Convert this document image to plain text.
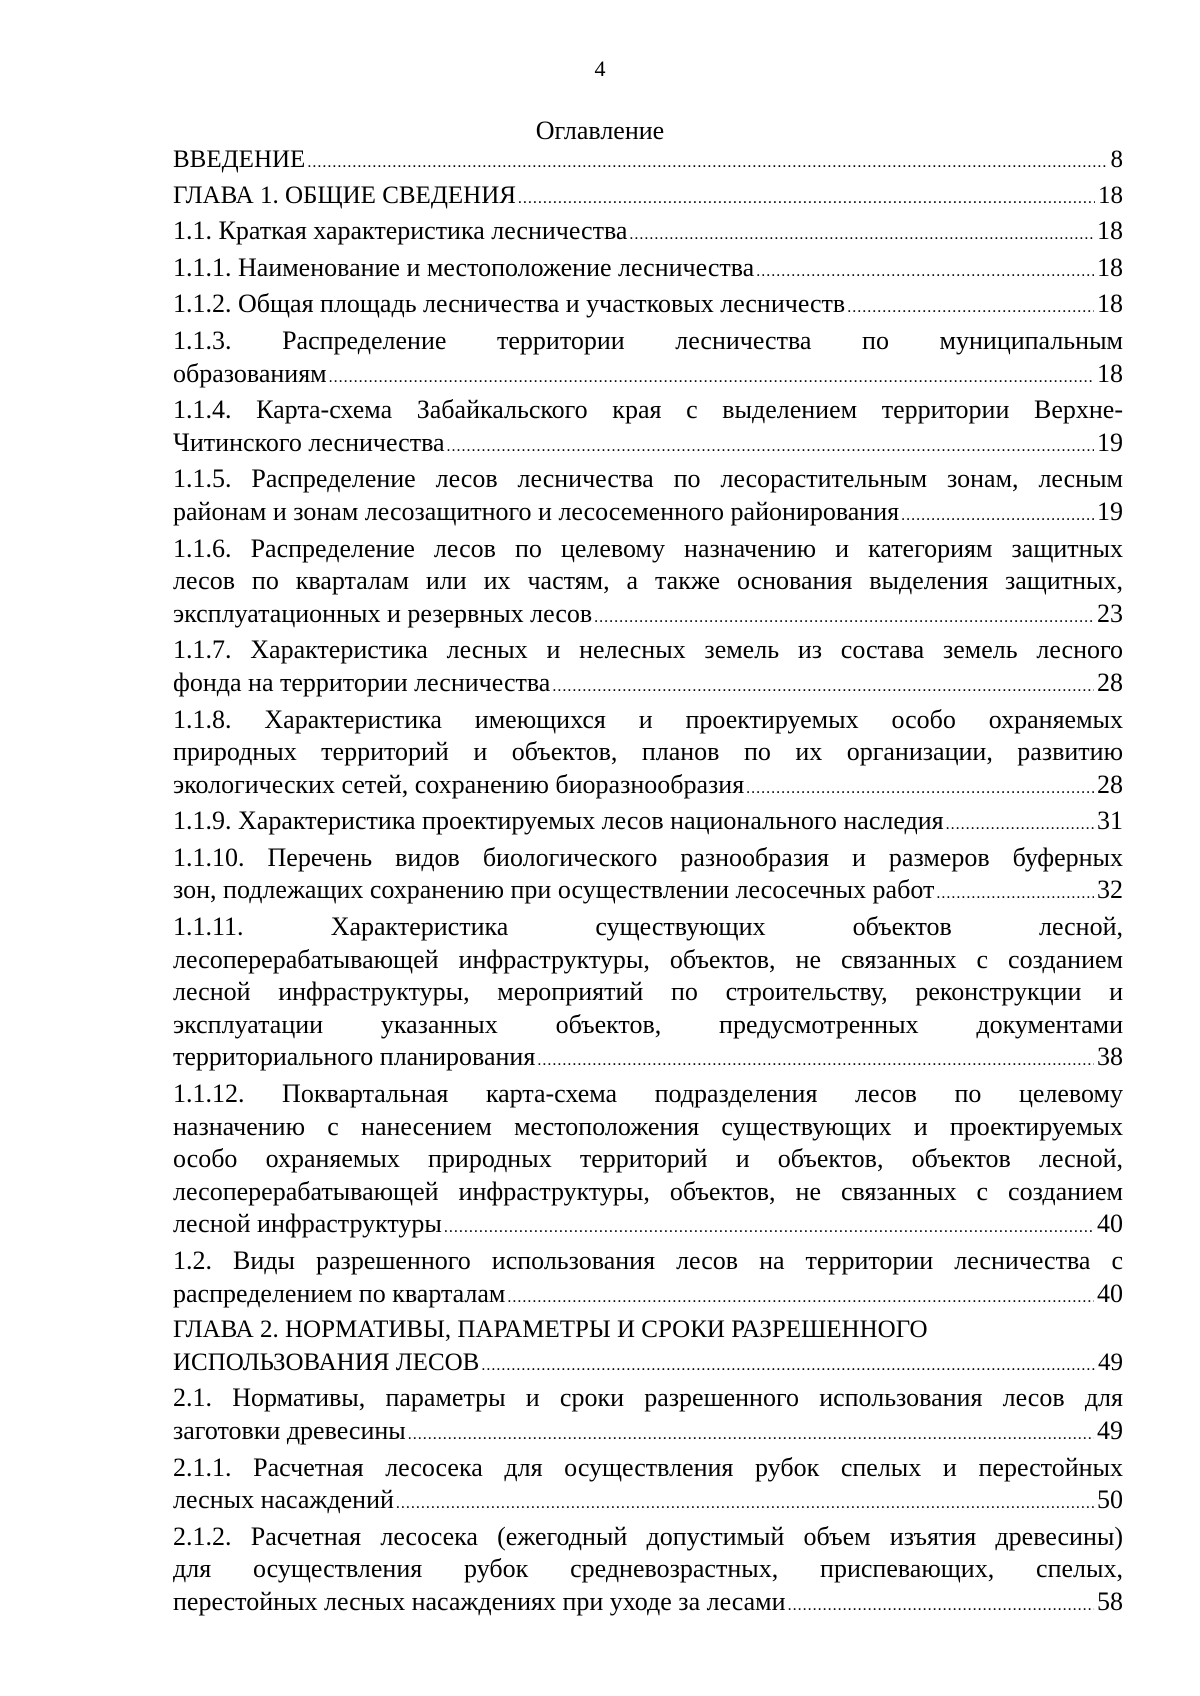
4
Оглавление
ВВЕДЕНИЕ .....	8
ГЛАВА 1. ОБЩИЕ СВЕДЕНИЯ .....	18
1.1. Краткая характеристика лесничества .....	18
1.1.1. Наименование и местоположение лесничества .....	18
1.1.2. Общая площадь лесничества и участковых лесничеств .....	18
1.1.3. Распределение территории лесничества по муниципальным
образованиям .....	18
1.1.4. Карта-схема Забайкальского края с выделением территории Верхне-
Читинского лесничества .....	19
1.1.5. Распределение лесов лесничества по лесорастительным зонам, лесным
районам и зонам лесозащитного и лесосеменного районирования .....	19
1.1.6. Распределение лесов по целевому назначению и категориям защитных
лесов по кварталам или их частям, а также основания выделения защитных,
эксплуатационных и резервных лесов .....	23
1.1.7. Характеристика лесных и нелесных земель из состава земель лесного
фонда на территории лесничества .....	28
1.1.8. Характеристика имеющихся и проектируемых особо охраняемых
природных территорий и объектов, планов по их организации, развитию
экологических сетей, сохранению биоразнообразия .....	28
1.1.9. Характеристика проектируемых лесов национального наследия .....	31
1.1.10. Перечень видов биологического разнообразия и размеров буферных
зон, подлежащих сохранению при осуществлении лесосечных работ .....	32
1.1.11. Характеристика существующих объектов лесной,
лесоперерабатывающей инфраструктуры, объектов, не связанных с созданием
лесной инфраструктуры, мероприятий по строительству, реконструкции и
эксплуатации указанных объектов, предусмотренных документами
территориального планирования .....	38
1.1.12. Поквартальная карта-схема подразделения лесов по целевому
назначению с нанесением местоположения существующих и проектируемых
особо охраняемых природных территорий и объектов, объектов лесной,
лесоперерабатывающей инфраструктуры, объектов, не связанных с созданием
лесной инфраструктуры .....	40
1.2. Виды разрешенного использования лесов на территории лесничества с
распределением по кварталам .....	40
ГЛАВА 2. НОРМАТИВЫ, ПАРАМЕТРЫ И СРОКИ РАЗРЕШЕННОГО
ИСПОЛЬЗОВАНИЯ ЛЕСОВ .....	49
2.1. Нормативы, параметры и сроки разрешенного использования лесов для
заготовки древесины .....	49
2.1.1. Расчетная лесосека для осуществления рубок спелых и перестойных
лесных насаждений .....	50
2.1.2. Расчетная лесосека (ежегодный допустимый объем изъятия древесины)
для осуществления рубок средневозрастных, приспевающих, спелых,
перестойных лесных насаждениях при уходе за лесами .....	58
